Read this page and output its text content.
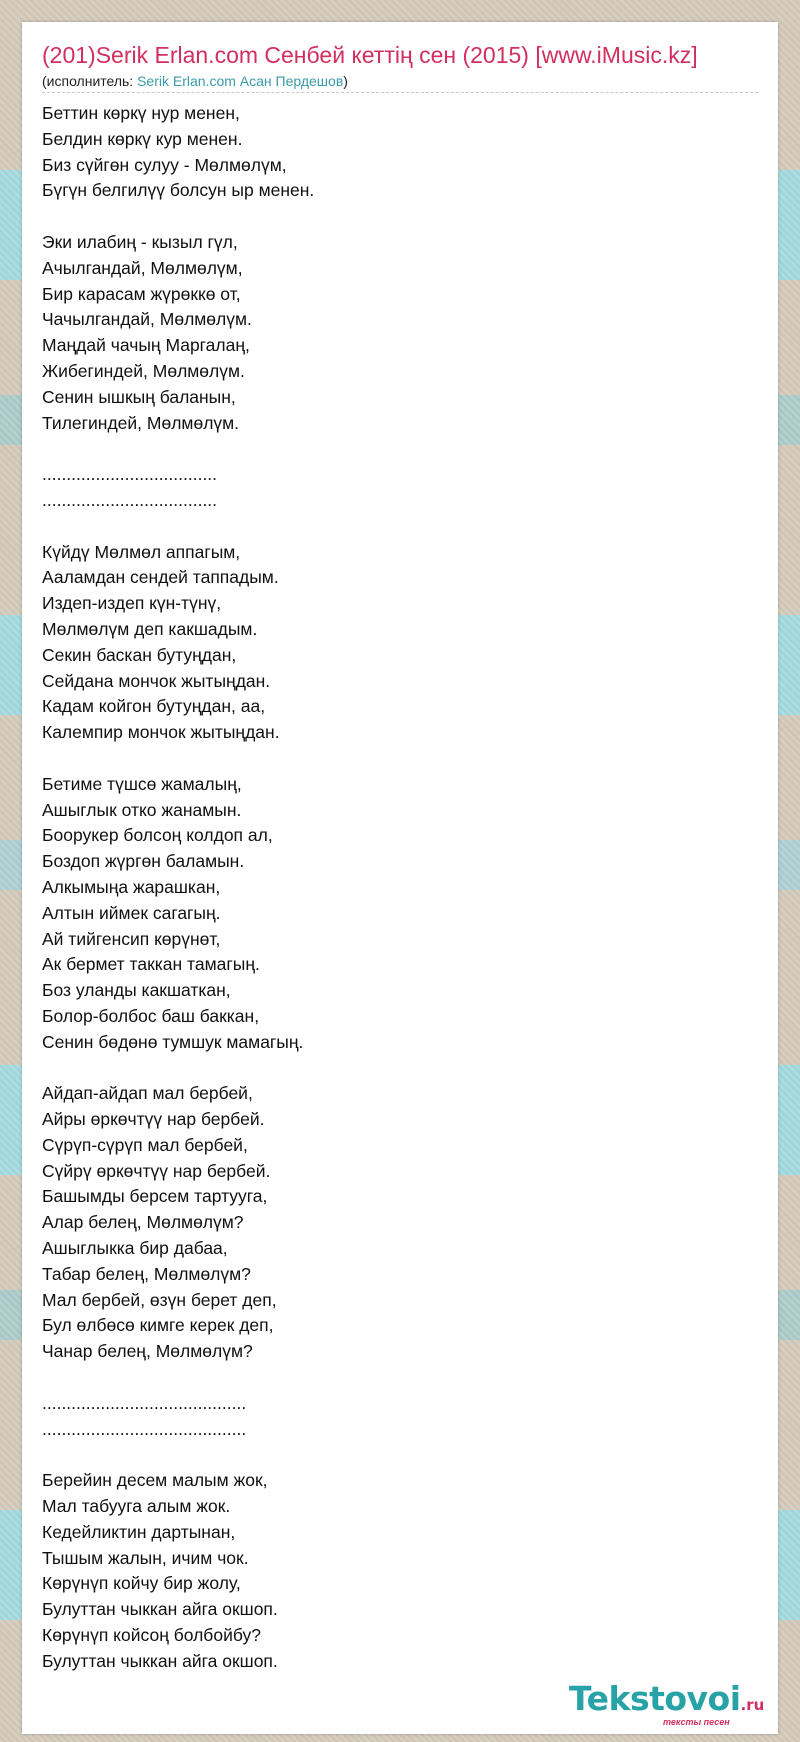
(201)Serik Erlan.com Сенбей кеттің сен (2015) [www.iMusic.kz]
(исполнитель: Serik Erlan.com Асан Пердешов)
Беттин көркү нур менен,
Белдин көркү кур менен.
Биз сүйгөн сулуу - Мөлмөлүм,
Бүгүн белгилүү болсун ыр менен.
Эки илабиң - кызыл гүл,
Ачылгандай, Мөлмөлүм,
Бир карасам жүрөккө от,
Чачылгандай, Мөлмөлүм.
Маңдай чачың Маргалаң,
Жибегиндей, Мөлмөлүм.
Сенин ышкың баланын,
Тилегиндей, Мөлмөлүм.
....................................
....................................
Күйдү Мөлмөл аппагым,
Ааламдан сендей таппадым.
Издеп-издеп күн-түнү,
Мөлмөлүм деп какшадым.
Секин баскан бутуңдан,
Сейдана мончок жытыңдан.
Кадам койгон бутуңдан, аа,
Калемпир мончок жытыңдан.
Бетиме түшсө жамалың,
Ашыглык отко жанамын.
Боорукер болсоң колдоп ал,
Боздоп жүргөн баламын.
Алкымыңа жарашкан,
Алтын иймек сагагың.
Ай тийгенсип көрүнөт,
Ак бермет таккан тамагың.
Боз уланды какшаткан,
Болор-болбос баш баккан,
Сенин бөдөнө тумшук мамагың.
Айдап-айдап мал бербей,
Айры өркөчтүү нар бербей.
Сүрүп-сүрүп мал бербей,
Сүйрү өркөчтүү нар бербей.
Башымды берсем тартууга,
Алар белең, Мөлмөлүм?
Ашыглыкка бир дабаа,
Табар белең, Мөлмөлүм?
Мал бербей, өзүн берет деп,
Бул өлбөсө кимге керек деп,
Чанар белең, Мөлмөлүм?
..........................................
..........................................
Берейин десем малым жок,
Мал табууга алым жок.
Кедейликтин дартынан,
Тышым жалын, ичим чок.
Көрүнүп койчу бир жолу,
Булуттан чыккан айга окшоп.
Көрүнүп койсоң болбойбу?
Булуттан чыккан айга окшоп.
Tekstovoi.ru
тексты песен
